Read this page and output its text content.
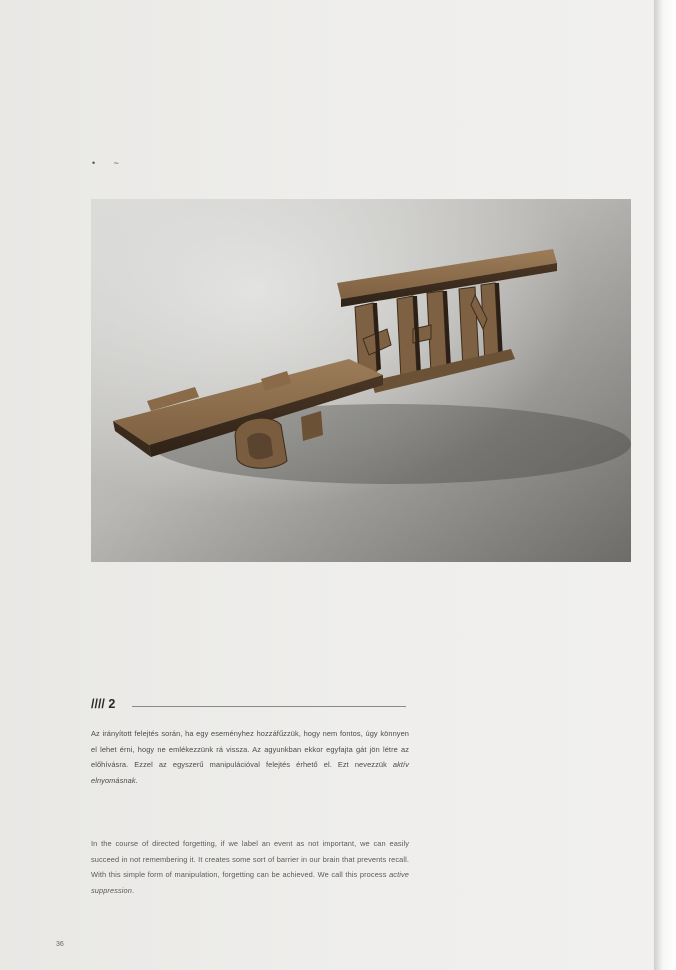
• ~
//// 2

Az irányított felejtés során, ha egy eseményhez hozzáfűzzük, hogy nem fontos, úgy könnyen el lehet érni, hogy ne emlékezzünk rá vissza. Az agyunkban ekkor egyfajta gát jön létre az előhívásra. Ezzel az egyszerű manipulációval felejtés érhető el. Ezt nevezzük aktív elnyomásnak.

In the course of directed forgetting, if we label an event as not important, we can easily succeed in not remembering it. It creates some sort of barrier in our brain that prevents recall. With this simple form of manipulation, forgetting can be achieved. We call this process active suppression.

36
